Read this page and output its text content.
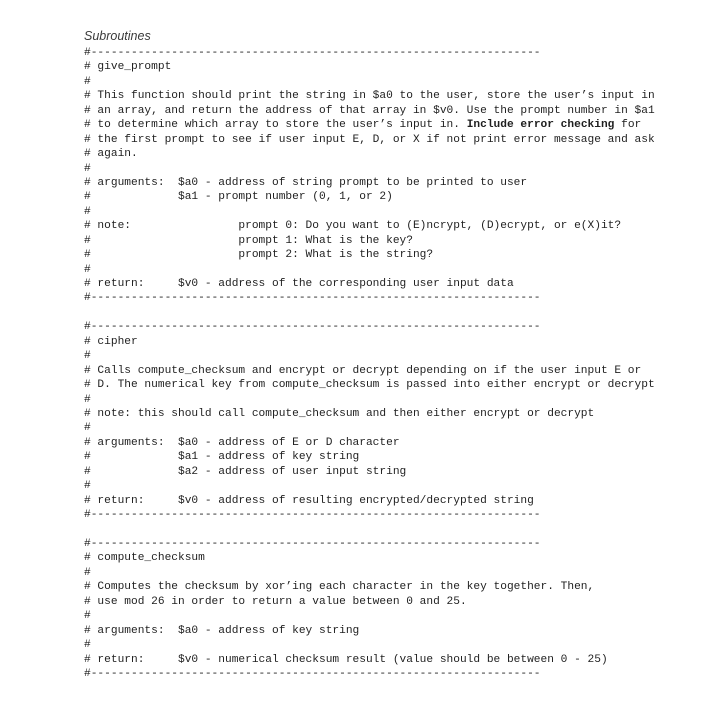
Subroutines
#-------------------------------------------------------------------
# give_prompt
#
# This function should print the string in $a0 to the user, store the user’s input in
# an array, and return the address of that array in $v0. Use the prompt number in $a1
# to determine which array to store the user’s input in. Include error checking for
# the first prompt to see if user input E, D, or X if not print error message and ask
# again.
#
# arguments:  $a0 - address of string prompt to be printed to user
#             $a1 - prompt number (0, 1, or 2)
#
# note:                prompt 0: Do you want to (E)ncrypt, (D)ecrypt, or e(X)it?
#                      prompt 1: What is the key?
#                      prompt 2: What is the string?
#
# return:     $v0 - address of the corresponding user input data
#-------------------------------------------------------------------
#-------------------------------------------------------------------
# cipher
#
# Calls compute_checksum and encrypt or decrypt depending on if the user input E or
# D. The numerical key from compute_checksum is passed into either encrypt or decrypt
#
# note: this should call compute_checksum and then either encrypt or decrypt
#
# arguments:  $a0 - address of E or D character
#             $a1 - address of key string
#             $a2 - address of user input string
#
# return:     $v0 - address of resulting encrypted/decrypted string
#-------------------------------------------------------------------
#-------------------------------------------------------------------
# compute_checksum
#
# Computes the checksum by xor’ing each character in the key together. Then,
# use mod 26 in order to return a value between 0 and 25.
#
# arguments:  $a0 - address of key string
#
# return:     $v0 - numerical checksum result (value should be between 0 - 25)
#-------------------------------------------------------------------
